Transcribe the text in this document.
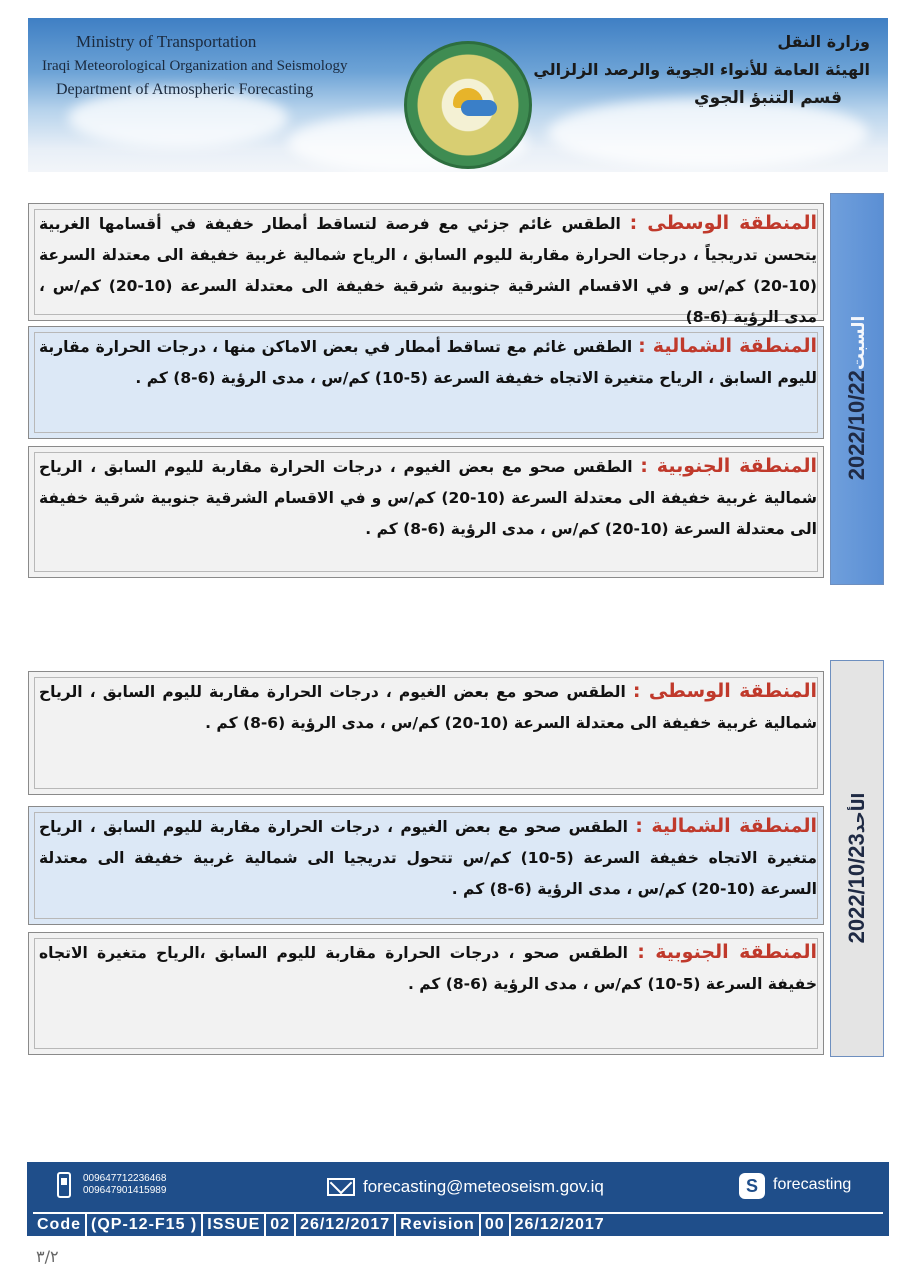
Ministry of Transportation
Iraqi Meteorological Organization and Seismology
Department of Atmospheric Forecasting
وزارة النقل
الهيئة العامة للأنواء الجوية والرصد الزلزالي
قسم التنبؤ الجوي

المنطقة الوسطى : الطقس غائم جزئي مع فرصة لتساقط أمطار خفيفة في أقسامها الغربية يتحسن تدريجياً ، درجات الحرارة مقاربة لليوم السابق ، الرياح شمالية غربية خفيفة الى معتدلة السرعة (10-20) كم/س و في الاقسام الشرقية جنوبية شرقية خفيفة الى معتدلة السرعة (10-20) كم/س ، مدى الرؤية (6-8)

المنطقة الشمالية : الطقس غائم مع تساقط أمطار في بعض الاماكن منها ، درجات الحرارة مقاربة لليوم السابق ، الرياح متغيرة الاتجاه خفيفة السرعة (5-10) كم/س ، مدى الرؤية (6-8) كم .

المنطقة الجنوبية : الطقس صحو مع بعض الغيوم ، درجات الحرارة مقاربة لليوم السابق ، الرياح شمالية غربية خفيفة الى معتدلة السرعة (10-20) كم/س و في الاقسام الشرقية جنوبية شرقية خفيفة الى معتدلة السرعة (10-20) كم/س ، مدى الرؤية (6-8) كم .

السبت2022/10/22

المنطقة الوسطى : الطقس صحو مع بعض الغيوم ، درجات الحرارة مقاربة لليوم السابق ، الرياح شمالية غربية خفيفة الى معتدلة السرعة (10-20) كم/س ، مدى الرؤية (6-8) كم .

المنطقة الشمالية : الطقس صحو مع بعض الغيوم ، درجات الحرارة مقاربة لليوم السابق ، الرياح متغيرة الاتجاه خفيفة السرعة (5-10) كم/س تتحول تدريجيا الى شمالية غربية خفيفة الى معتدلة السرعة (10-20) كم/س ، مدى الرؤية (6-8) كم .

المنطقة الجنوبية : الطقس صحو ، درجات الحرارة مقاربة لليوم السابق ،الرياح متغيرة الاتجاه خفيفة السرعة (5-10) كم/س ، مدى الرؤية (6-8) كم .

الأحد2022/10/23
009647712236468
009647901415989	forecasting@meteoseism.gov.iq	S forecasting
Code (QP-12-F15 ) ISSUE 02 26/12/2017 Revision 00 26/12/2017
٣/٢
